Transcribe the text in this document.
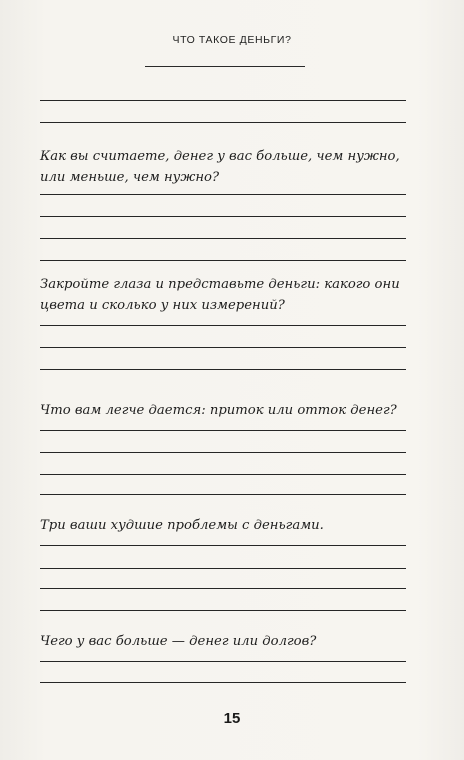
ЧТО ТАКОЕ ДЕНЬГИ?
Как вы считаете, денег у вас больше, чем нужно,
или меньше, чем нужно?
Закройте глаза и представьте деньги: какого они
цвета и сколько у них измерений?
Что вам легче дается: приток или отток денег?
Три ваши худшие проблемы с деньгами.
Чего у вас больше — денег или долгов?
15
